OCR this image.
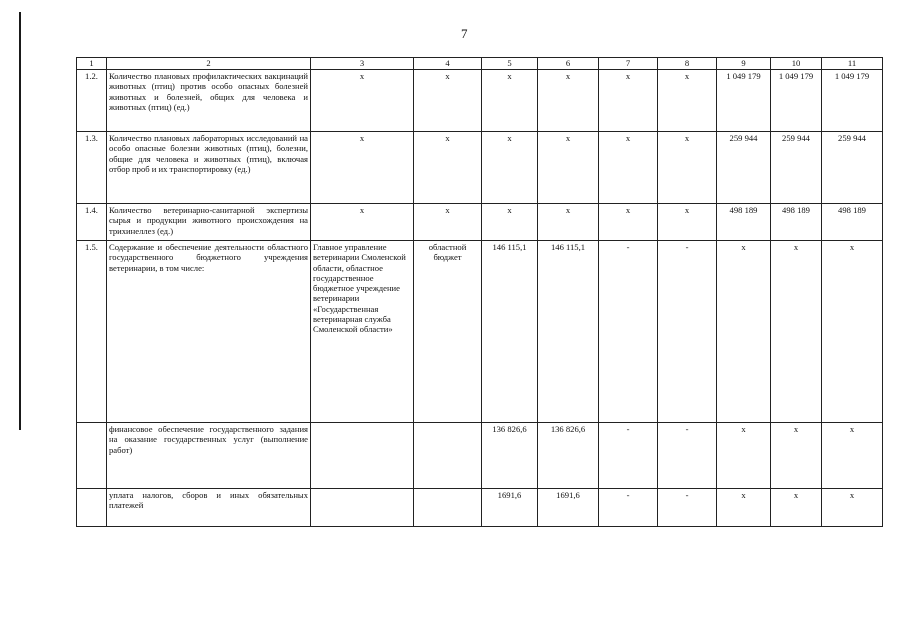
7
1	2	3	4	5	6	7	8	9	10	11
1.2.	Количество плановых профилактических вакцинаций животных (птиц) против особо опасных болезней животных и болезней, общих для человека и животных (птиц) (ед.)	x	x	x	x	x	x	1 049 179	1 049 179	1 049 179
1.3.	Количество плановых лабораторных исследований на особо опасные болезни животных (птиц), болезни, общие для человека и животных (птиц), включая отбор проб и их транспортировку (ед.)	x	x	x	x	x	x	259 944	259 944	259 944
1.4.	Количество ветеринарно-санитарной экспертизы сырья и продукции животного происхождения на трихинеллез (ед.)	x	x	x	x	x	x	498 189	498 189	498 189
1.5.	Содержание и обеспечение деятельности областного государственного бюджетного учреждения ветеринарии, в том числе:	Главное управление ветеринарии Смоленской области, областное государственное бюджетное учреждение ветеринарии «Государственная ветеринарная служба Смоленской области»	областной бюджет	146 115,1	146 115,1	-	-	x	x	x
	финансовое обеспечение государственного задания на оказание государственных услуг (выполнение работ)			136 826,6	136 826,6	-	-	x	x	x
	уплата налогов, сборов и иных обязательных платежей			1691,6	1691,6	-	-	x	x	x
